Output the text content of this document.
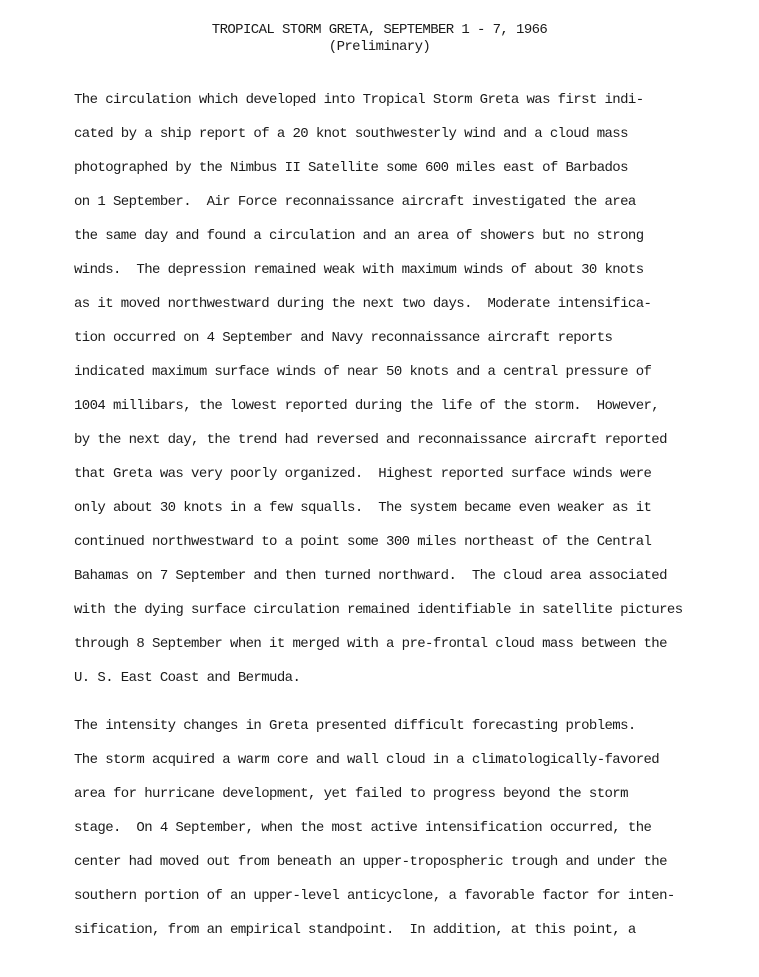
TROPICAL STORM GRETA, SEPTEMBER 1 - 7, 1966
(Preliminary)
The circulation which developed into Tropical Storm Greta was first indi-
cated by a ship report of a 20 knot southwesterly wind and a cloud mass
photographed by the Nimbus II Satellite some 600 miles east of Barbados
on 1 September.  Air Force reconnaissance aircraft investigated the area
the same day and found a circulation and an area of showers but no strong
winds.  The depression remained weak with maximum winds of about 30 knots
as it moved northwestward during the next two days.  Moderate intensifica-
tion occurred on 4 September and Navy reconnaissance aircraft reports
indicated maximum surface winds of near 50 knots and a central pressure of
1004 millibars, the lowest reported during the life of the storm.  However,
by the next day, the trend had reversed and reconnaissance aircraft reported
that Greta was very poorly organized.  Highest reported surface winds were
only about 30 knots in a few squalls.  The system became even weaker as it
continued northwestward to a point some 300 miles northeast of the Central
Bahamas on 7 September and then turned northward.  The cloud area associated
with the dying surface circulation remained identifiable in satellite pictures
through 8 September when it merged with a pre-frontal cloud mass between the
U. S. East Coast and Bermuda.
The intensity changes in Greta presented difficult forecasting problems.
The storm acquired a warm core and wall cloud in a climatologically-favored
area for hurricane development, yet failed to progress beyond the storm
stage.  On 4 September, when the most active intensification occurred, the
center had moved out from beneath an upper-tropospheric trough and under the
southern portion of an upper-level anticyclone, a favorable factor for inten-
sification, from an empirical standpoint.  In addition, at this point, a
